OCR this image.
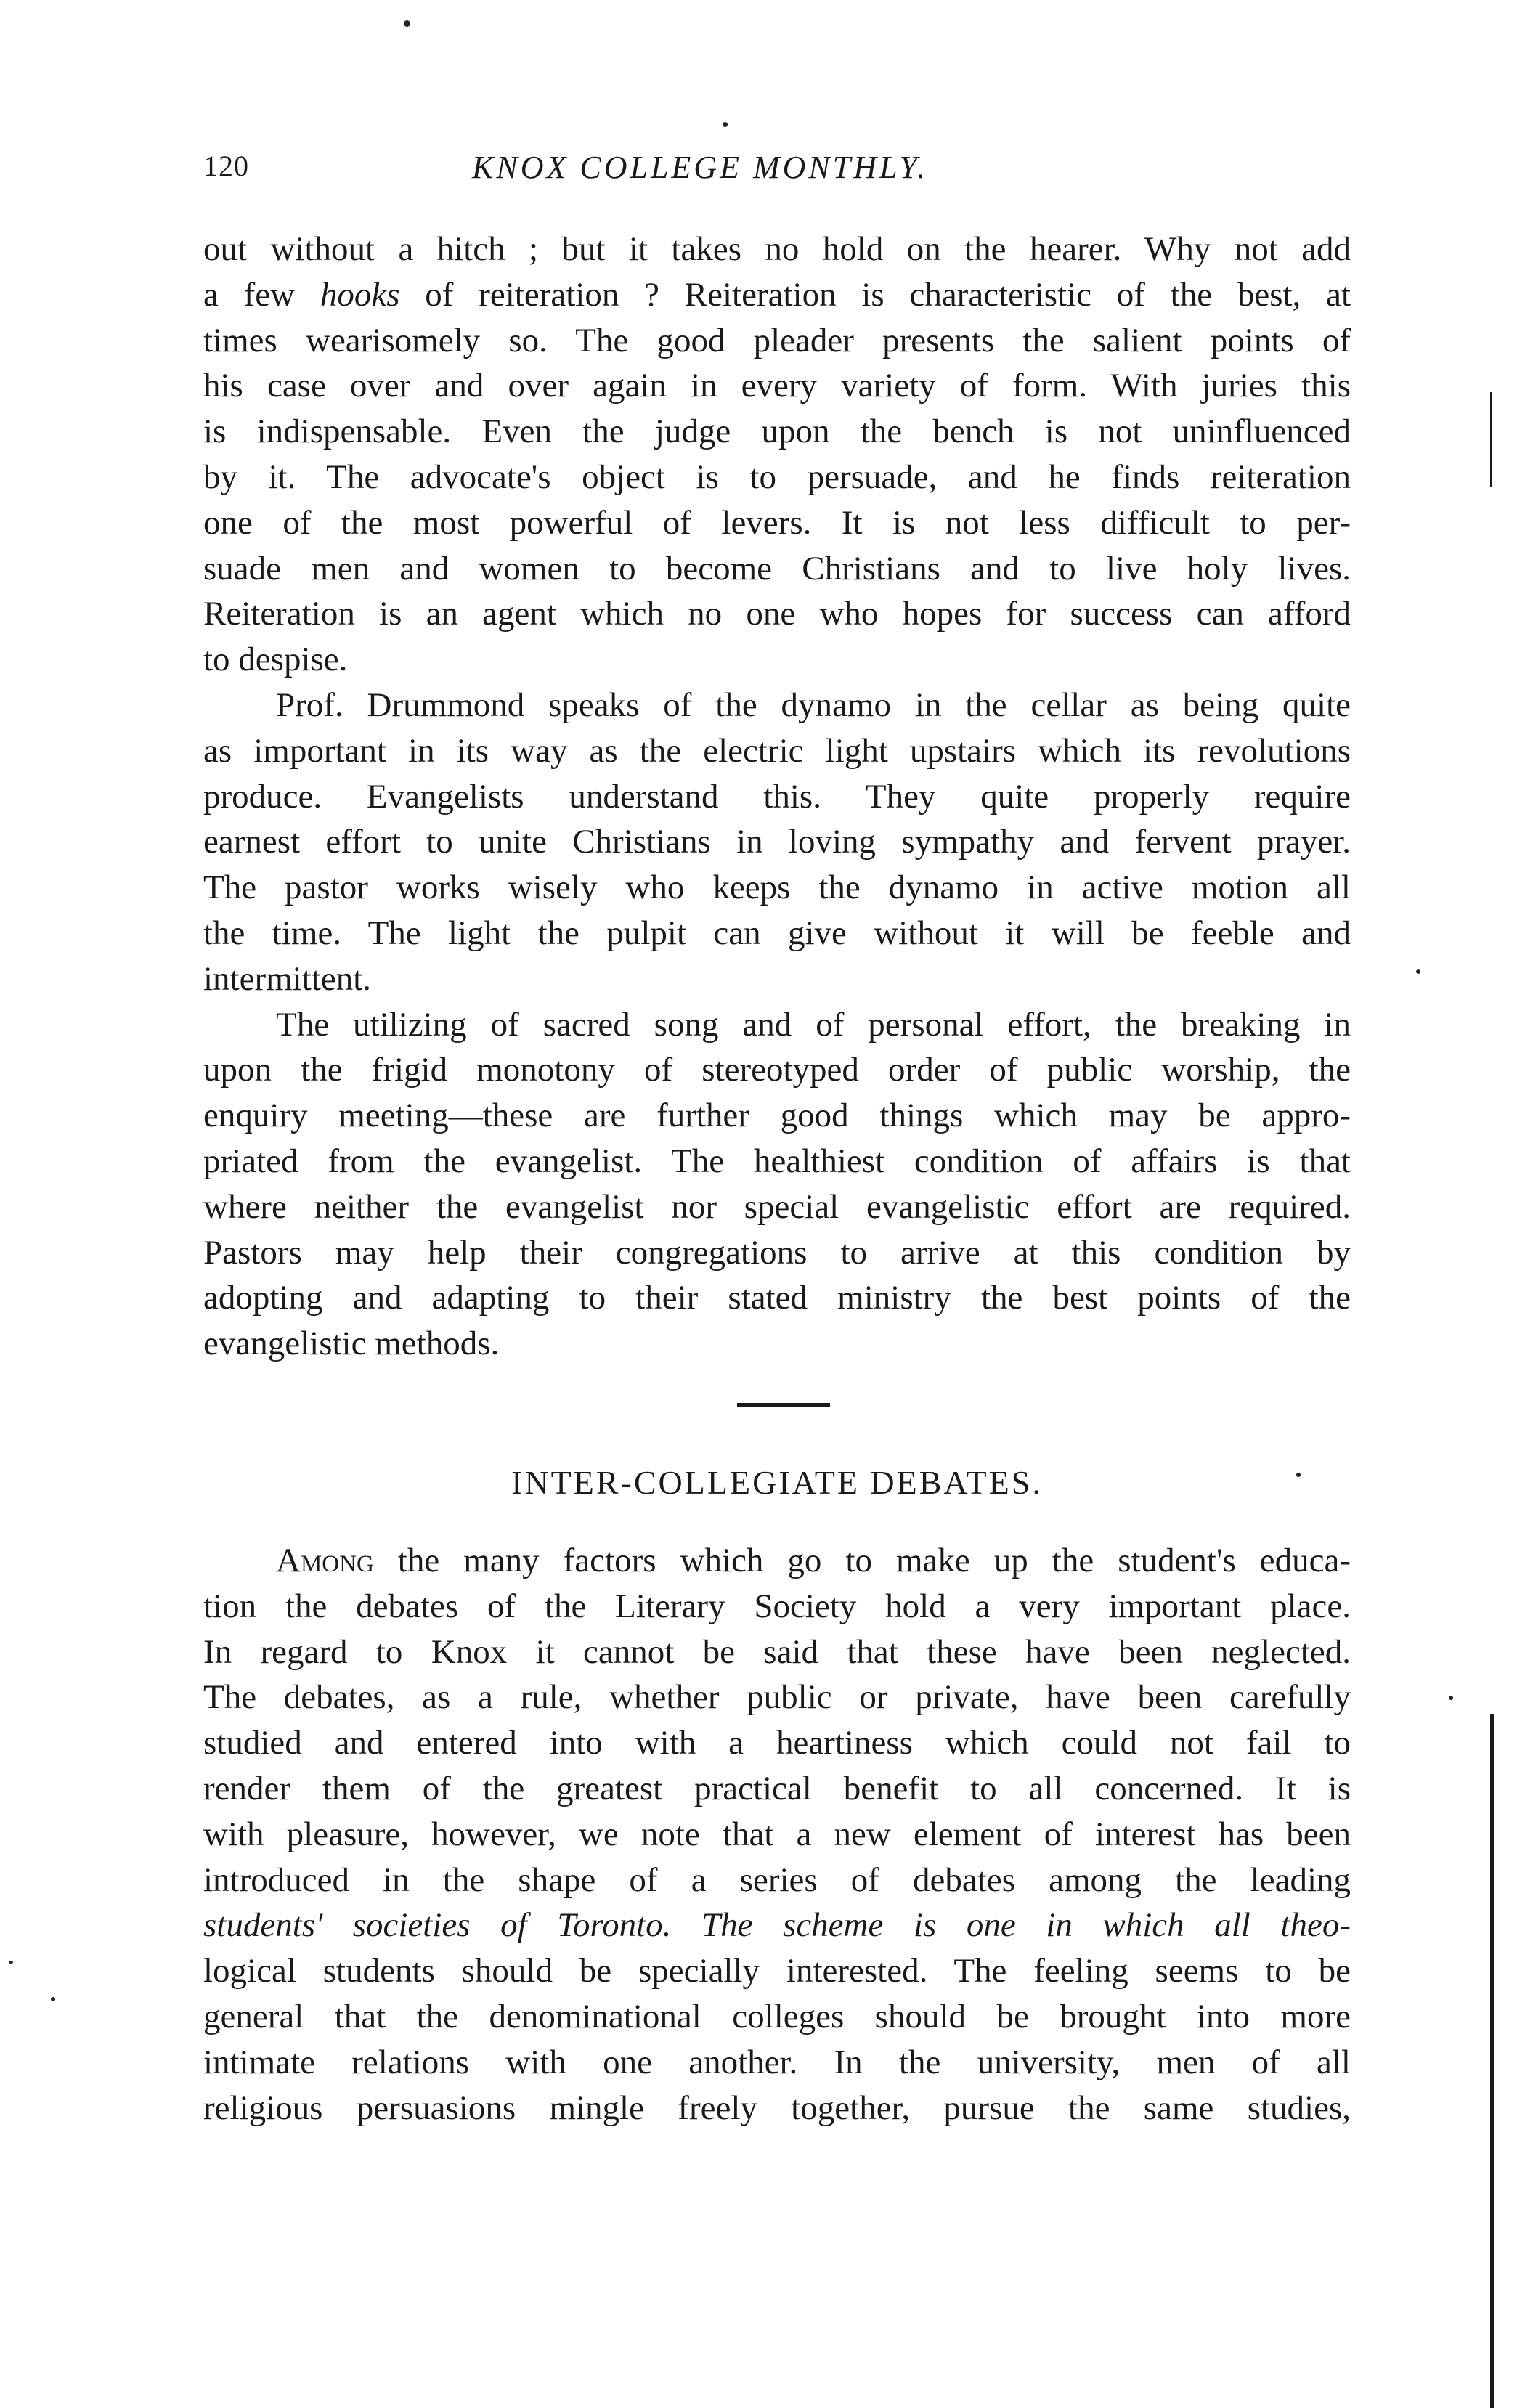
120	KNOX COLLEGE MONTHLY.

out without a hitch ; but it takes no hold on the hearer. Why not add
a few hooks of reiteration ? Reiteration is characteristic of the best, at
times wearisomely so. The good pleader presents the salient points of
his case over and over again in every variety of form. With juries this
is indispensable. Even the judge upon the bench is not uninfluenced
by it. The advocate's object is to persuade, and he finds reiteration
one of the most powerful of levers. It is not less difficult to per-
suade men and women to become Christians and to live holy lives.
Reiteration is an agent which no one who hopes for success can afford
to despise.

Prof. Drummond speaks of the dynamo in the cellar as being quite
as important in its way as the electric light upstairs which its revolutions
produce. Evangelists understand this. They quite properly require
earnest effort to unite Christians in loving sympathy and fervent prayer.
The pastor works wisely who keeps the dynamo in active motion all
the time. The light the pulpit can give without it will be feeble and
intermittent.

The utilizing of sacred song and of personal effort, the breaking in
upon the frigid monotony of stereotyped order of public worship, the
enquiry meeting—these are further good things which may be appro-
priated from the evangelist. The healthiest condition of affairs is that
where neither the evangelist nor special evangelistic effort are required.
Pastors may help their congregations to arrive at this condition by
adopting and adapting to their stated ministry the best points of the
evangelistic methods.

INTER-COLLEGIATE DEBATES.

Among the many factors which go to make up the student's educa-
tion the debates of the Literary Society hold a very important place.
In regard to Knox it cannot be said that these have been neglected.
The debates, as a rule, whether public or private, have been carefully
studied and entered into with a heartiness which could not fail to
render them of the greatest practical benefit to all concerned. It is
with pleasure, however, we note that a new element of interest has been
introduced in the shape of a series of debates among the leading
students' societies of Toronto. The scheme is one in which all theo-
logical students should be specially interested. The feeling seems to be
general that the denominational colleges should be brought into more
intimate relations with one another. In the university, men of all
religious persuasions mingle freely together, pursue the same studies,
